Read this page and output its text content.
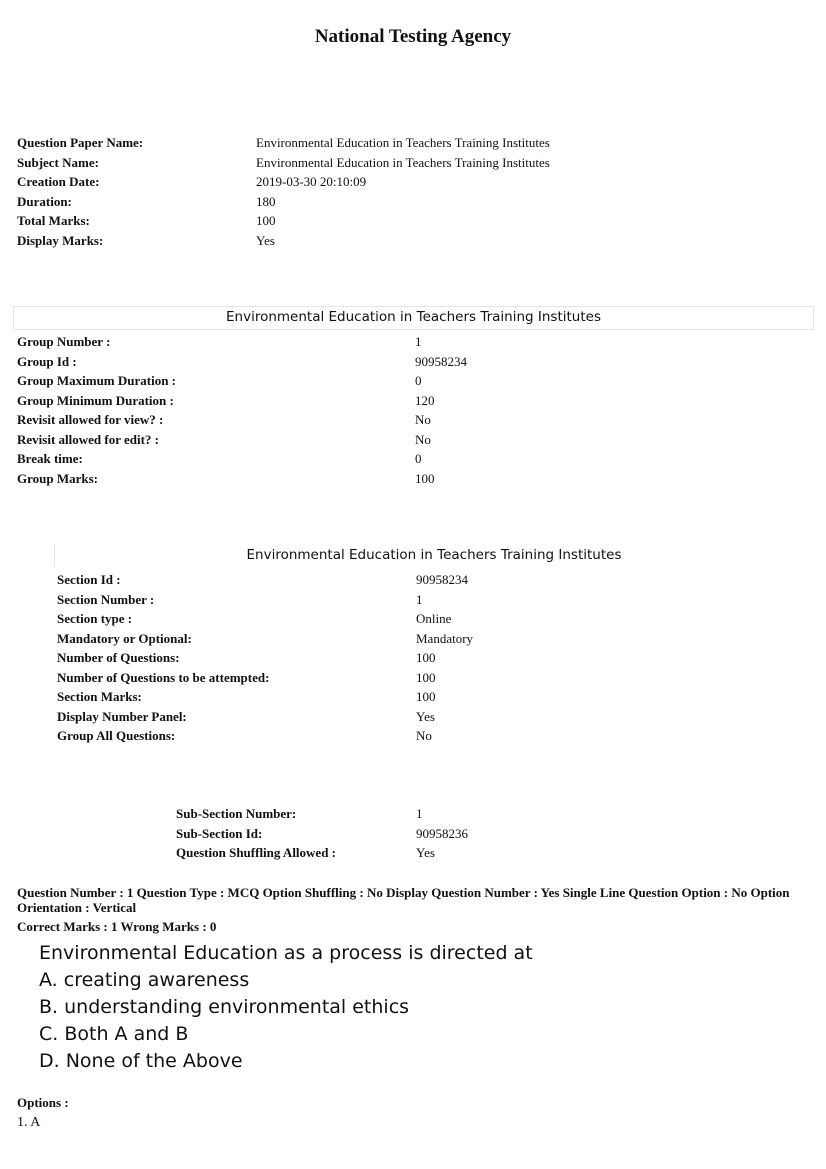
National Testing Agency
Question Paper Name:	Environmental Education in Teachers Training Institutes
Subject Name:	Environmental Education in Teachers Training Institutes
Creation Date:	2019-03-30 20:10:09
Duration:	180
Total Marks:	100
Display Marks:	Yes
Environmental Education in Teachers Training Institutes
Group Number :	1
Group Id :	90958234
Group Maximum Duration :	0
Group Minimum Duration :	120
Revisit allowed for view? :	No
Revisit allowed for edit? :	No
Break time:	0
Group Marks:	100
Environmental Education in Teachers Training Institutes
Section Id :	90958234
Section Number :	1
Section type :	Online
Mandatory or Optional:	Mandatory
Number of Questions:	100
Number of Questions to be attempted:	100
Section Marks:	100
Display Number Panel:	Yes
Group All Questions:	No
Sub-Section Number:	1
Sub-Section Id:	90958236
Question Shuffling Allowed :	Yes
Question Number : 1 Question Type : MCQ Option Shuffling : No Display Question Number : Yes Single Line Question Option : No Option Orientation : Vertical
Correct Marks : 1 Wrong Marks : 0
Environmental Education as a process is directed at
A. creating awareness
B. understanding environmental ethics
C. Both A and B
D. None of the Above
Options :
1. A
